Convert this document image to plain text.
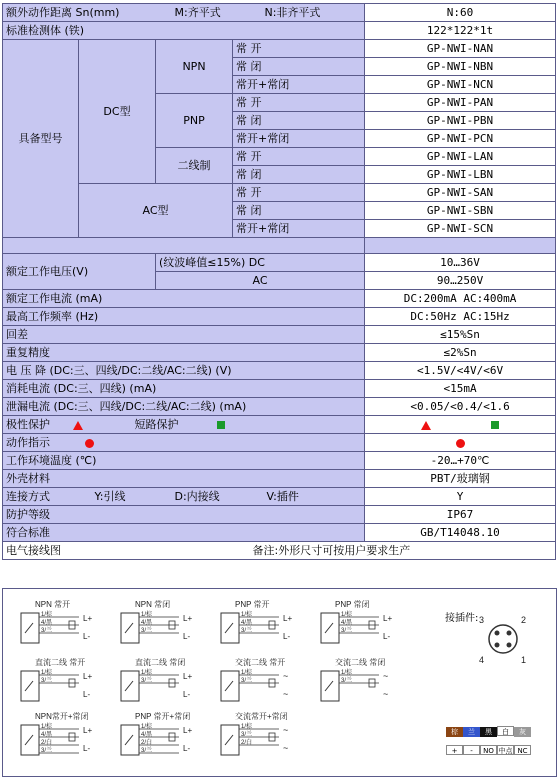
额外动作距离 Sn(mm) M:齐平式 N:非齐平式				N:60
标准检测体 (铁)				122*122*1t
具备型号	DC型	NPN	常 开	GP-NWI-NAN
			常 闭	GP-NWI-NBN
			常开+常闭	GP-NWI-NCN
		PNP	常 开	GP-NWI-PAN
			常 闭	GP-NWI-PBN
			常开+常闭	GP-NWI-PCN
		二线制	常 开	GP-NWI-LAN
			常 闭	GP-NWI-LBN
	AC型		常 开	GP-NWI-SAN
			常 闭	GP-NWI-SBN
			常开+常闭	GP-NWI-SCN

额定工作电压(V)		(纹波峰值≤15%) DC		10…36V
		AC		90…250V
额定工作电流 (mA)				DC:200mA AC:400mA
最高工作频率 (Hz)				DC:50Hz AC:15Hz
回差				≤15%Sn
重复精度				≤2%Sn
电 压 降 (DC:三、四线/DC:二线/AC:二线) (V)				<1.5V/<4V/<6V
消耗电流 (DC:三、四线) (mA)				<15mA
泄漏电流 (DC:三、四线/DC:二线/AC:二线) (mA)				<0.05/<0.4/<1.6
极性保护 短路保护				

动作指示			

工作环境温度 (℃)				-20…+70℃
外壳材料				PBT/玻璃钢
连接方式 Y:引线 D:内接线 V:插件				Y
防护等级				IP67
符合标准				GB/T14048.10
电气接线图 备注:外形尺寸可按用户要求生产				
NPN 常开
1/棕
4/黑
3/兰
L+
L-
NPN 常闭
1/棕
4/黑
3/兰
L+
L-
PNP 常开
1/棕
4/黑
3/兰
L+
L-
PNP 常闭
1/棕
4/黑
3/兰
L+
L-
直流二线 常开
1/棕
3/兰	L+
L-
直流二线 常闭
1/棕
3/兰	L+
L-
交流二线 常开
1/棕
3/兰	~
~
交流二线 常闭
1/棕
3/兰	~
~
NPN常开+常闭
1/棕
4/黑
2/白
3/兰
L+
L-
PNP 常开+常闭
1/棕
4/黑
2/白
3/兰
L+
L-
交流常开+常闭
1/棕
3/兰
2/白
~
~
3	2
4	1
接插件:
棕 兰 黑 白 灰
+ - NO 中点 NC
